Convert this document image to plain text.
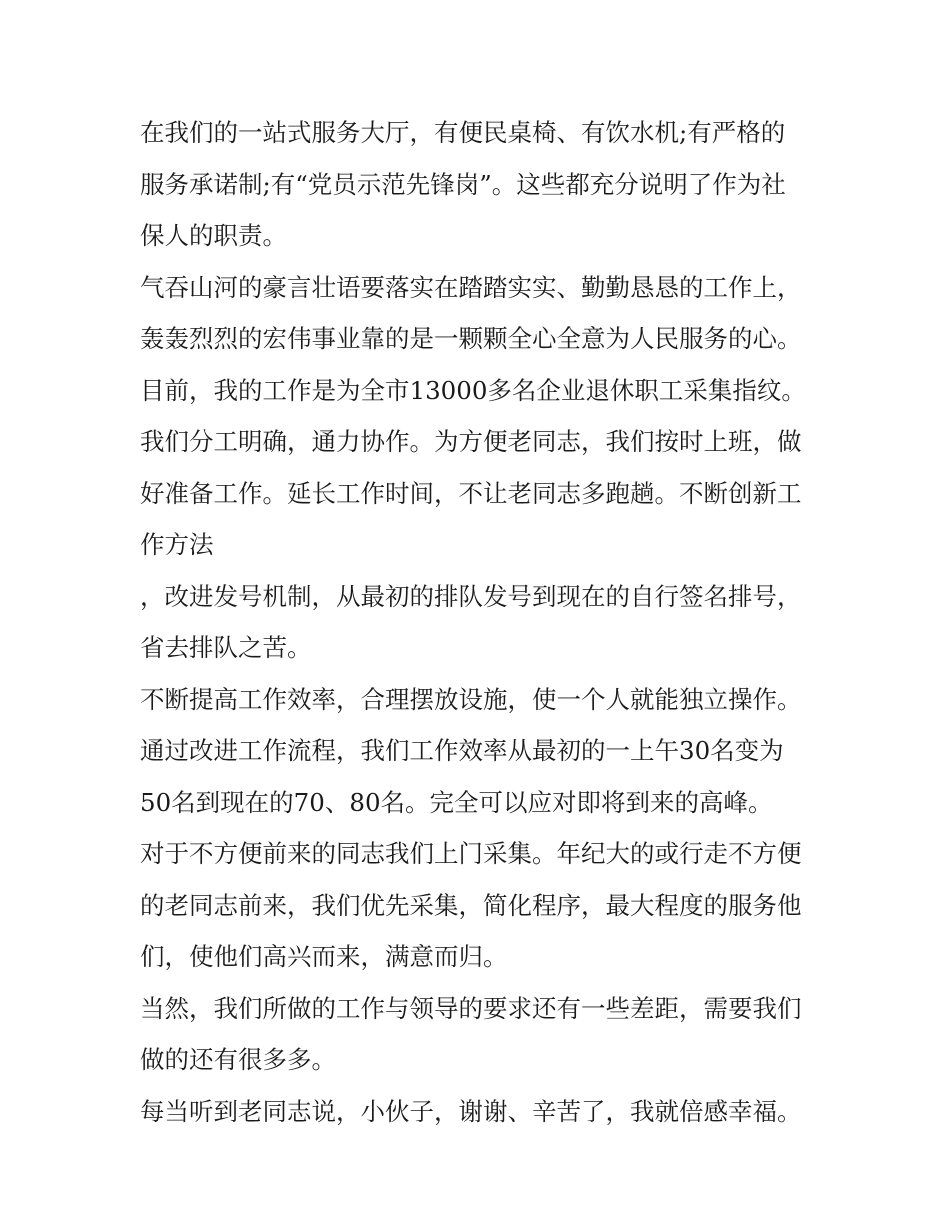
在我们的一站式服务大厅，有便民桌椅、有饮水机;有严格的
服务承诺制;有“党员示范先锋岗”。这些都充分说明了作为社
保人的职责。
气吞山河的豪言壮语要落实在踏踏实实、勤勤恳恳的工作上，
轰轰烈烈的宏伟事业靠的是一颗颗全心全意为人民服务的心。
目前，我的工作是为全市13000多名企业退休职工采集指纹。
我们分工明确，通力协作。为方便老同志，我们按时上班，做
好准备工作。延长工作时间，不让老同志多跑趟。不断创新工
作方法
，改进发号机制，从最初的排队发号到现在的自行签名排号，
省去排队之苦。
不断提高工作效率，合理摆放设施，使一个人就能独立操作。
通过改进工作流程，我们工作效率从最初的一上午30名变为
50名到现在的70、80名。完全可以应对即将到来的高峰。
对于不方便前来的同志我们上门采集。年纪大的或行走不方便
的老同志前来，我们优先采集，简化程序，最大程度的服务他
们，使他们高兴而来，满意而归。
当然，我们所做的工作与领导的要求还有一些差距，需要我们
做的还有很多多。
每当听到老同志说，小伙子，谢谢、辛苦了，我就倍感幸福。
